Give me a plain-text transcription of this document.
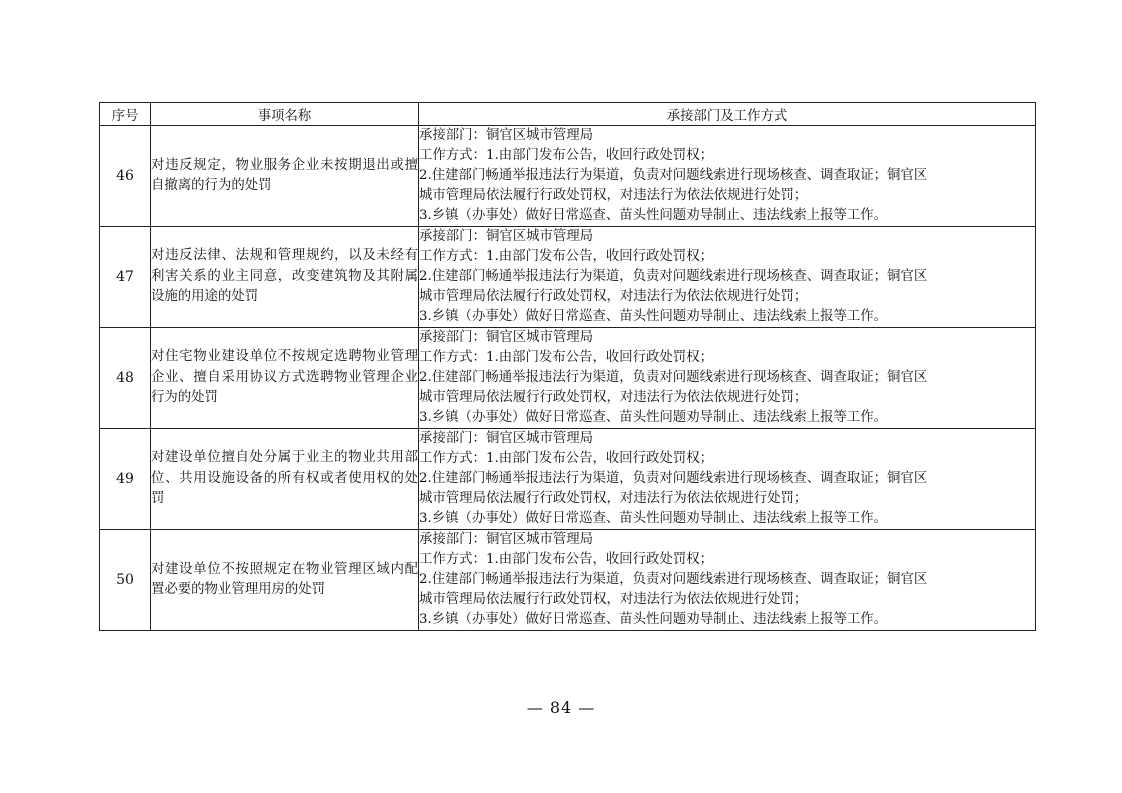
序号	事项名称	承接部门及工作方式
46	对违反规定，物业服务企业未按期退出或擅自撤离的行为的处罚	承接部门：铜官区城市管理局
工作方式：1.由部门发布公告，收回行政处罚权；
2.住建部门畅通举报违法行为渠道，负责对问题线索进行现场核查、调查取证；铜官区
城市管理局依法履行行政处罚权，对违法行为依法依规进行处罚；
3.乡镇（办事处）做好日常巡查、苗头性问题劝导制止、违法线索上报等工作。

47	对违反法律、法规和管理规约，以及未经有利害关系的业主同意，改变建筑物及其附属设施的用途的处罚	承接部门：铜官区城市管理局
工作方式：1.由部门发布公告，收回行政处罚权；
2.住建部门畅通举报违法行为渠道，负责对问题线索进行现场核查、调查取证；铜官区
城市管理局依法履行行政处罚权，对违法行为依法依规进行处罚；
3.乡镇（办事处）做好日常巡查、苗头性问题劝导制止、违法线索上报等工作。

48	对住宅物业建设单位不按规定选聘物业管理企业、擅自采用协议方式选聘物业管理企业行为的处罚	承接部门：铜官区城市管理局
工作方式：1.由部门发布公告，收回行政处罚权；
2.住建部门畅通举报违法行为渠道，负责对问题线索进行现场核查、调查取证；铜官区
城市管理局依法履行行政处罚权，对违法行为依法依规进行处罚；
3.乡镇（办事处）做好日常巡查、苗头性问题劝导制止、违法线索上报等工作。

49	对建设单位擅自处分属于业主的物业共用部位、共用设施设备的所有权或者使用权的处罚	承接部门：铜官区城市管理局
工作方式：1.由部门发布公告，收回行政处罚权；
2.住建部门畅通举报违法行为渠道，负责对问题线索进行现场核查、调查取证；铜官区
城市管理局依法履行行政处罚权，对违法行为依法依规进行处罚；
3.乡镇（办事处）做好日常巡查、苗头性问题劝导制止、违法线索上报等工作。

50	对建设单位不按照规定在物业管理区域内配置必要的物业管理用房的处罚	承接部门：铜官区城市管理局
工作方式：1.由部门发布公告，收回行政处罚权；
2.住建部门畅通举报违法行为渠道，负责对问题线索进行现场核查、调查取证；铜官区
城市管理局依法履行行政处罚权，对违法行为依法依规进行处罚；
3.乡镇（办事处）做好日常巡查、苗头性问题劝导制止、违法线索上报等工作。
— 84 —
